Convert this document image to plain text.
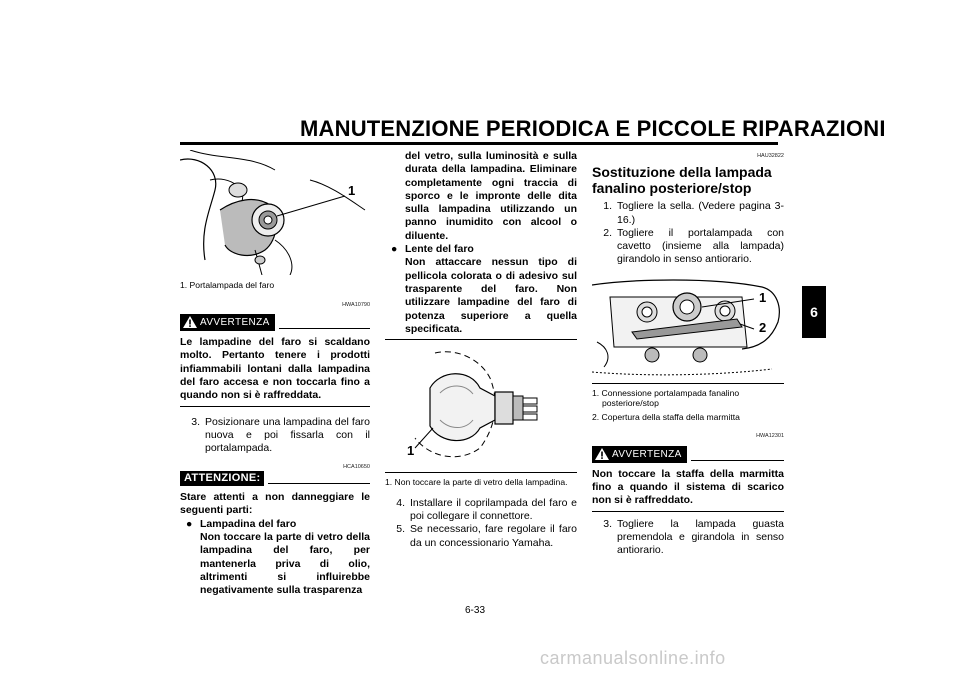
MANUTENZIONE PERIODICA E PICCOLE RIPARAZIONI
6
1
1. Portalampada del faro
HWA10790
AVVERTENZA
Le lampadine del faro si scaldano molto. Pertanto tenere i prodotti infiammabili lontani dalla lampadina del faro accesa e non toccarla fino a quando non si è raffreddata.
3. Posizionare una lampadina del faro nuova e poi fissarla con il portalampada.
HCA10650
ATTENZIONE:
Stare attenti a non danneggiare le seguenti parti:
● Lampadina del faro
Non toccare la parte di vetro della lampadina del faro, per mantenerla priva di olio, altrimenti si influirebbe negativamente sulla trasparenza
del vetro, sulla luminosità e sulla durata della lampadina. Eliminare completamente ogni traccia di sporco e le impronte delle dita sulla lampadina utilizzando un panno inumidito con alcool o diluente.
● Lente del faro
Non attaccare nessun tipo di pellicola colorata o di adesivo sul trasparente del faro. Non utilizzare lampadine del faro di potenza superiore a quella specificata.
1
1. Non toccare la parte di vetro della lampadina.
4. Installare il coprilampada del faro e poi collegare il connettore.
5. Se necessario, fare regolare il faro da un concessionario Yamaha.
HAU32822
Sostituzione della lampada fanalino posteriore/stop
1. Togliere la sella. (Vedere pagina 3-16.)
2. Togliere il portalampada con cavetto (insieme alla lampada) girandolo in senso antiorario.
1
2
1. Connessione portalampada fanalino posteriore/stop
2. Copertura della staffa della marmitta
HWA12301
AVVERTENZA
Non toccare la staffa della marmitta fino a quando il sistema di scarico non si è raffreddato.
3. Togliere la lampada guasta premendola e girandola in senso antiorario.
6-33
carmanualsonline.info
